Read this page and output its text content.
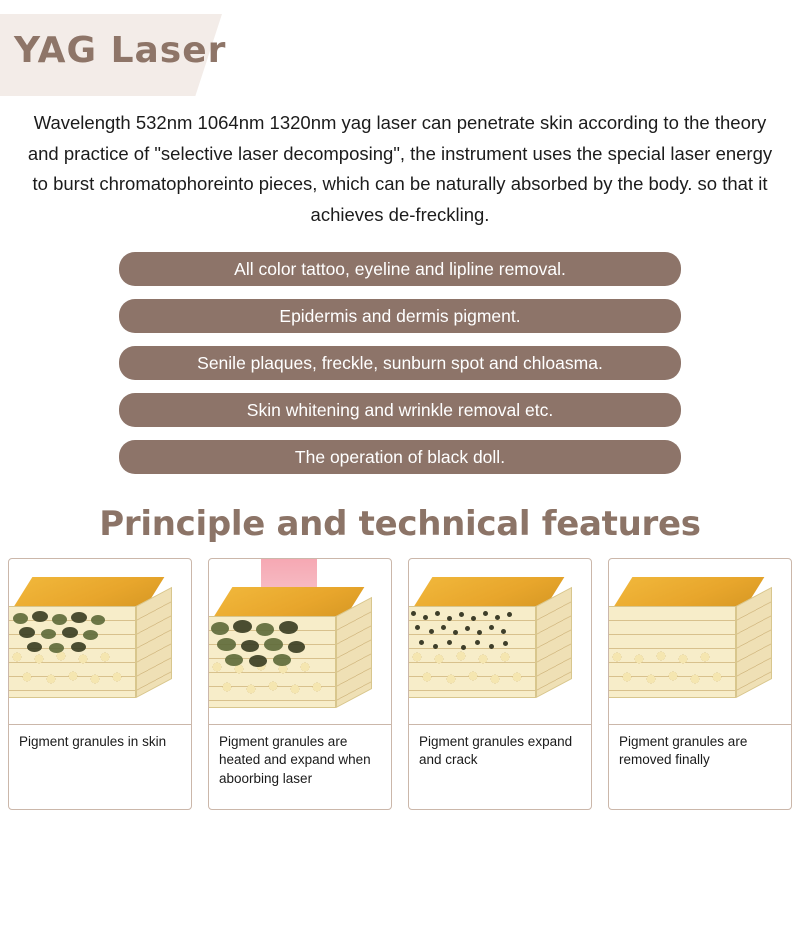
YAG Laser

Wavelength 532nm 1064nm 1320nm yag laser can penetrate skin according to the theory and practice of "selective laser decomposing", the instrument uses the special laser energy to burst chromatophoreinto pieces, which can be naturally absorbed by the body. so that it achieves de-freckling.

All color tattoo, eyeline and lipline removal.
Epidermis and dermis pigment.
Senile plaques, freckle, sunburn spot and chloasma.
Skin whitening and wrinkle removal etc.
The operation of black doll.
Principle and technical features
Pigment granules in skin	Pigment granules are heated and expand when aboorbing laser
Pigment granules expand and crack
Pigment granules are removed finally
